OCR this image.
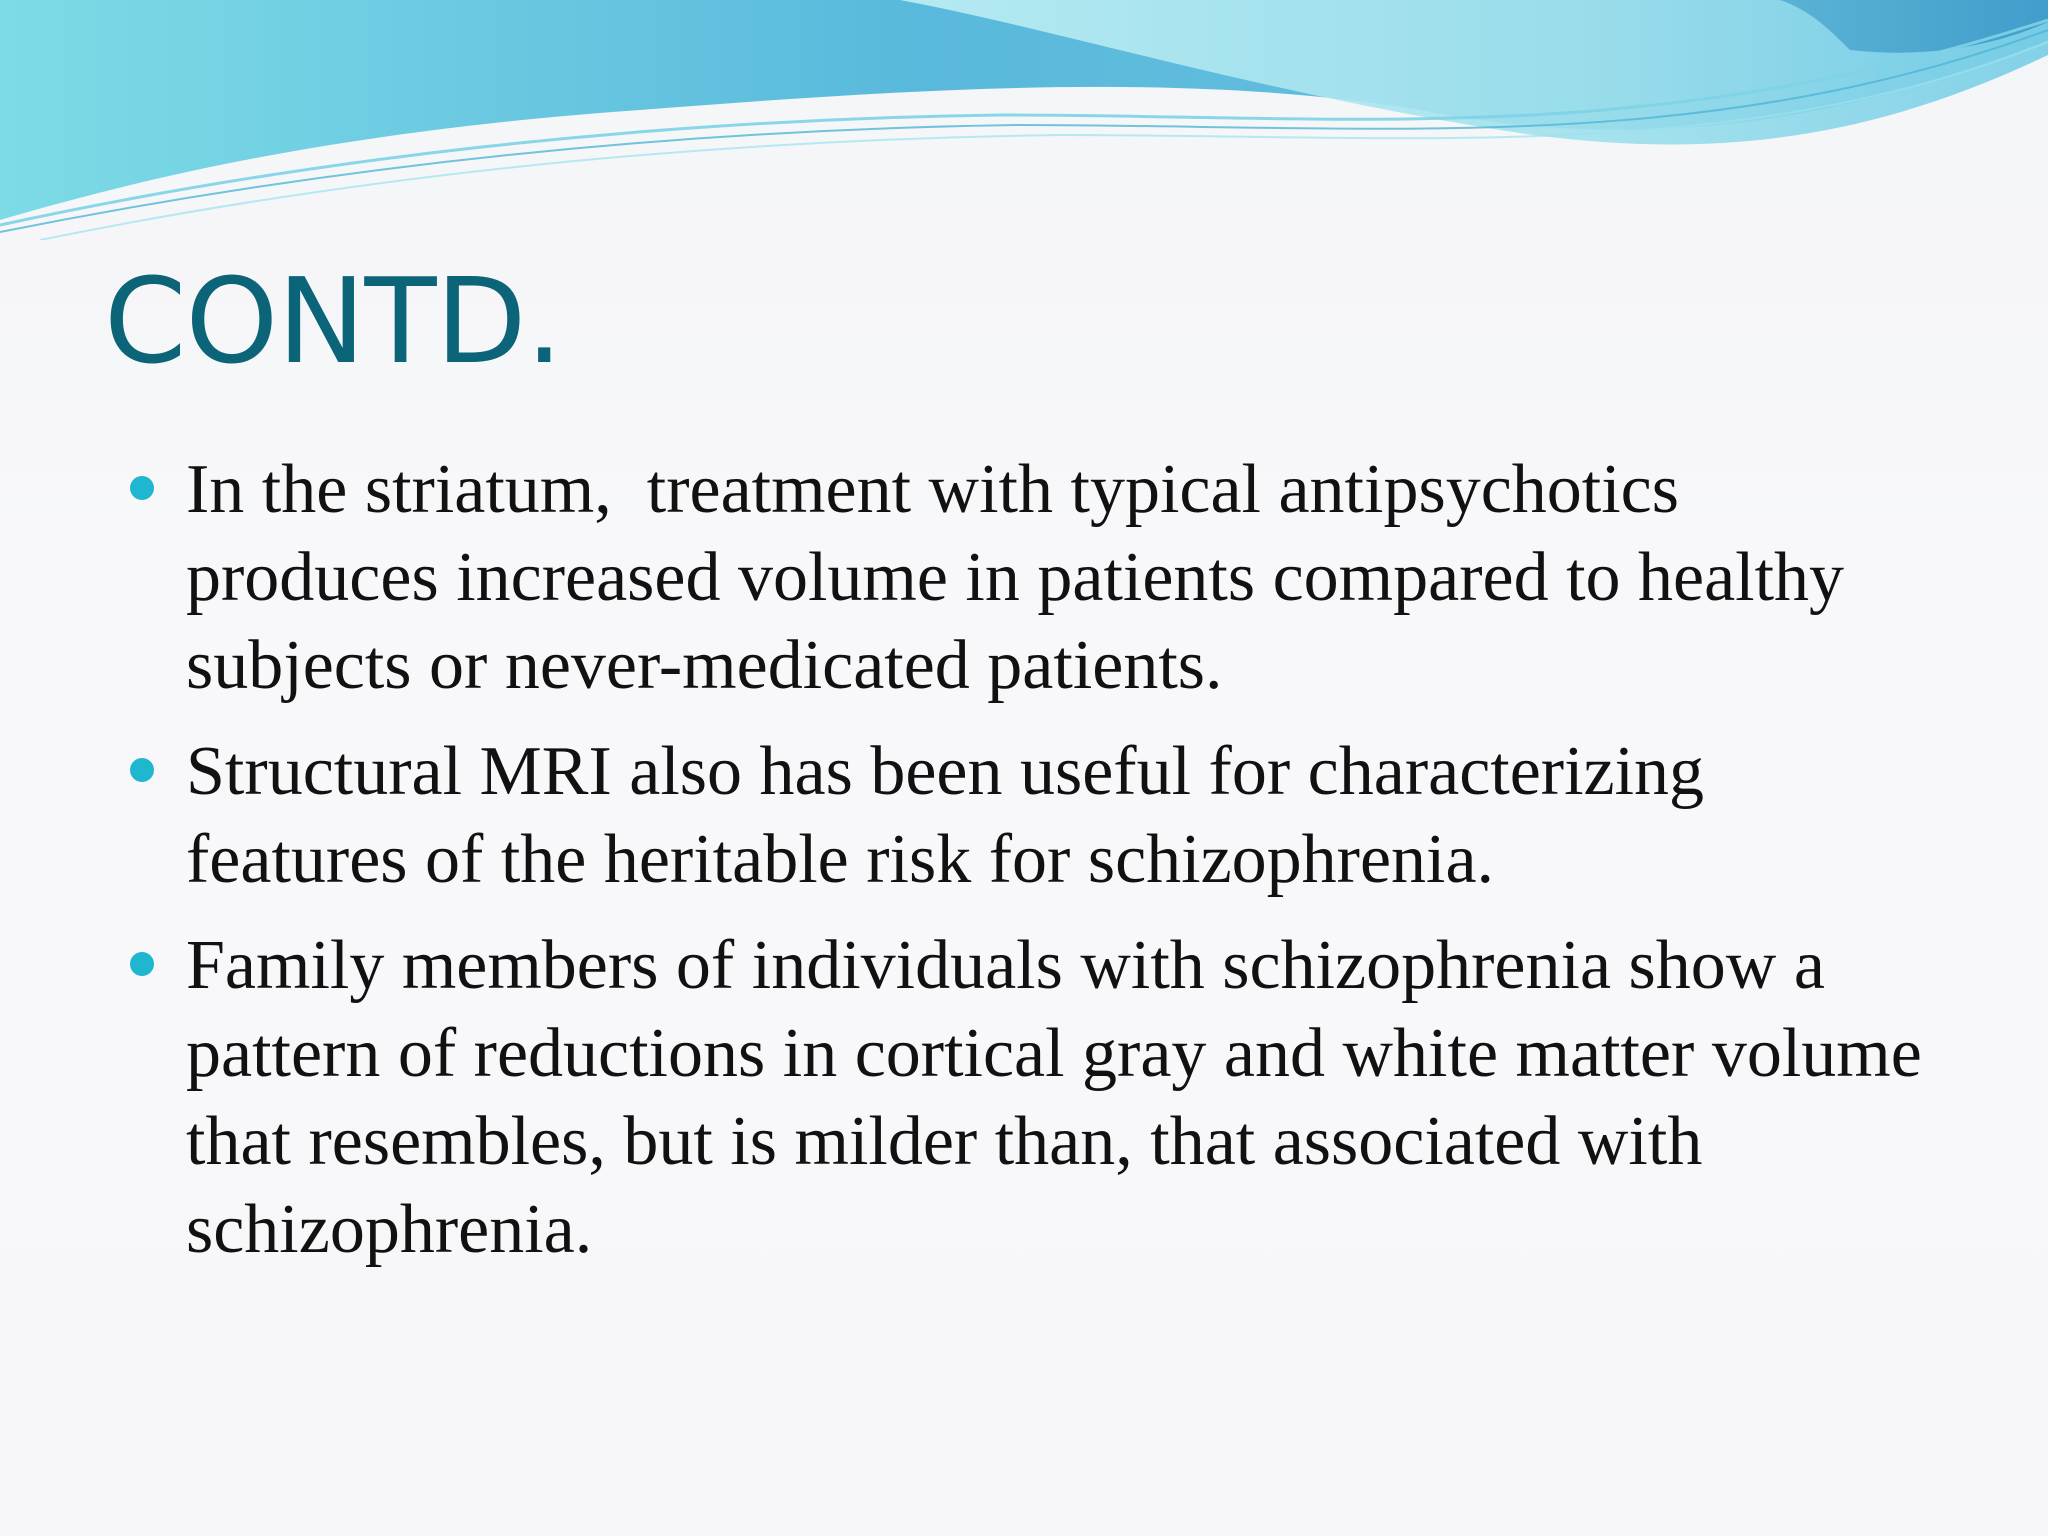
CONTD.
In the striatum,  treatment with typical antipsychotics produces increased volume in patients compared to healthy subjects or never-medicated patients.
Structural MRI also has been useful for characterizing features of the heritable risk for schizophrenia.
Family members of individuals with schizophrenia show a pattern of reductions in cortical gray and white matter volume that resembles, but is milder than, that associated with schizophrenia.
